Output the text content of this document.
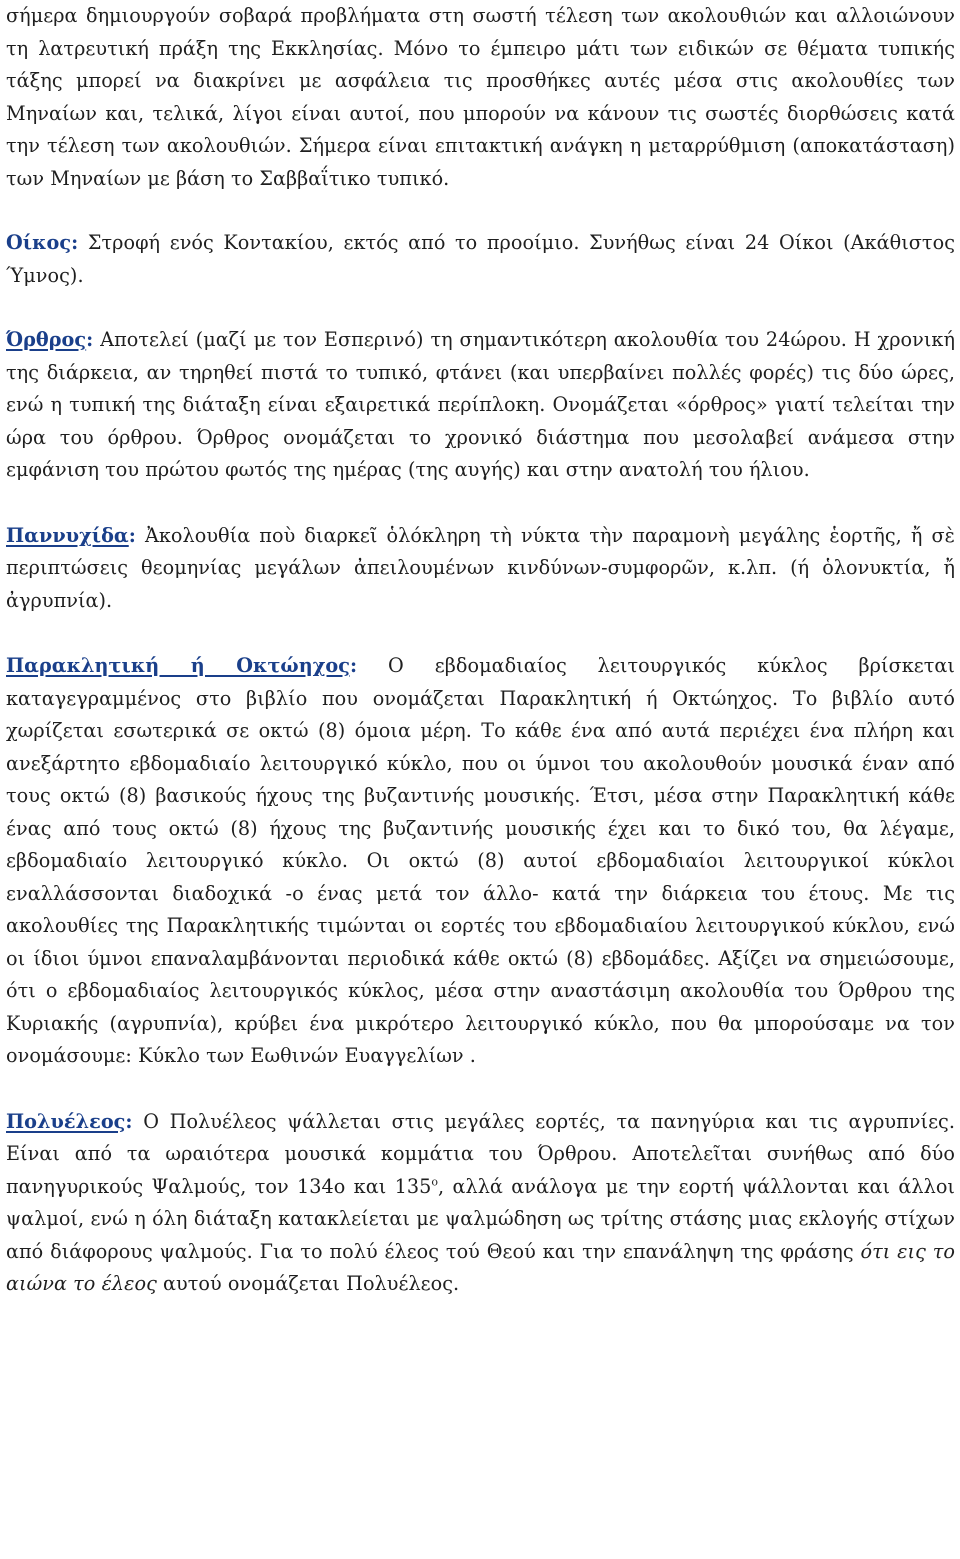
σήμερα δημιουργούν σοβαρά προβλήματα στη σωστή τέλεση των ακολουθιών και αλλοιώνουν τη λατρευτική πράξη της Εκκλησίας. Μόνο το έμπειρο μάτι των ειδικών σε θέματα τυπικής τάξης μπορεί να διακρίνει με ασφάλεια τις προσθήκες αυτές μέσα στις ακολουθίες των Μηναίων και, τελικά, λίγοι είναι αυτοί, που μπορούν να κάνουν τις σωστές διορθώσεις κατά την τέλεση των ακολουθιών. Σήμερα είναι επιτακτική ανάγκη η μεταρρύθμιση (αποκατάσταση) των Μηναίων με βάση το Σαββαΐτικο τυπικό.

Οίκος: Στροφή ενός Κοντακίου, εκτός από το προοίμιο. Συνήθως είναι 24 Οίκοι (Ακάθιστος Ύμνος).

Όρθρος: Αποτελεί (μαζί με τον Εσπερινό) τη σημαντικότερη ακολουθία του 24ώρου. Η χρονική της διάρκεια, αν τηρηθεί πιστά το τυπικό, φτάνει (και υπερβαίνει πολλές φορές) τις δύο ώρες, ενώ η τυπική της διάταξη είναι εξαιρετικά περίπλοκη. Ονομάζεται «όρθρος» γιατί τελείται την ώρα του όρθρου. Όρθρος ονομάζεται το χρονικό διάστημα που μεσολαβεί ανάμεσα στην εμφάνιση του πρώτου φωτός της ημέρας (της αυγής) και στην ανατολή του ήλιου.

Παννυχίδα: Ἀκολουθία ποὺ διαρκεῖ ὁλόκληρη τὴ νύκτα τὴν παραμονὴ μεγάλης ἑορτῆς, ἤ σὲ περιπτώσεις θεομηνίας μεγάλων ἀπειλουμένων κινδύνων-συμφορῶν, κ.λπ. (ή ὁλονυκτία, ἤ ἀγρυπνία).

Παρακλητική ή Οκτώηχος: Ο εβδομαδιαίος λειτουργικός κύκλος βρίσκεται καταγεγραμμένος στο βιβλίο που ονομάζεται Παρακλητική ή Οκτώηχος. Το βιβλίο αυτό χωρίζεται εσωτερικά σε οκτώ (8) όμοια μέρη. Το κάθε ένα από αυτά περιέχει ένα πλήρη και ανεξάρτητο εβδομαδιαίο λειτουργικό κύκλο, που οι ύμνοι του ακολουθούν μουσικά έναν από τους οκτώ (8) βασικούς ήχους της βυζαντινής μουσικής. Έτσι, μέσα στην Παρακλητική κάθε ένας από τους οκτώ (8) ήχους της βυζαντινής μουσικής έχει και το δικό του, θα λέγαμε, εβδομαδιαίο λειτουργικό κύκλο. Οι οκτώ (8) αυτοί εβδομαδιαίοι λειτουργικοί κύκλοι εναλλάσσονται διαδοχικά -ο ένας μετά τον άλλο- κατά την διάρκεια του έτους. Με τις ακολουθίες της Παρακλητικής τιμώνται οι εορτές του εβδομαδιαίου λειτουργικού κύκλου, ενώ οι ίδιοι ύμνοι επαναλαμβάνονται περιοδικά κάθε οκτώ (8) εβδομάδες. Αξίζει να σημειώσουμε, ότι ο εβδομαδιαίος λειτουργικός κύκλος, μέσα στην αναστάσιμη ακολουθία του Όρθρου της Κυριακής (αγρυπνία), κρύβει ένα μικρότερο λειτουργικό κύκλο, που θα μπορούσαμε να τον ονομάσουμε: Κύκλο των Εωθινών Ευαγγελίων .

Πολυέλεος: Ο Πολυέλεος ψάλλεται στις μεγάλες εορτές, τα πανηγύρια και τις αγρυπνίες. Είναι από τα ωραιότερα μουσικά κομμάτια του Όρθρου. Αποτελεῖται συνήθως από δύο πανηγυρικούς Ψαλμούς, τον 134ο και $135^o$, αλλά ανάλογα με την εορτή ψάλλονται και άλλοι ψαλμοί, ενώ η όλη διάταξη κατακλείεται με ψαλμώδηση ως τρίτης στάσης μιας εκλογής στίχων από διάφορους ψαλμούς. Για το πολύ έλεος τού Θεού και την επανάληψη της φράσης ότι εις το αιώνα το έλεος αυτού ονομάζεται Πολυέλεος.
